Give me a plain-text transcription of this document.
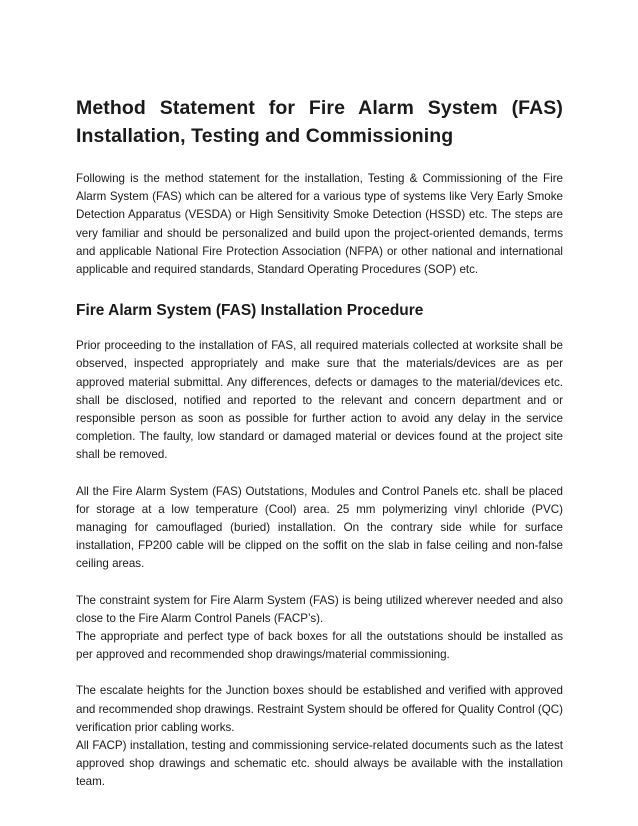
Method Statement for Fire Alarm System (FAS) Installation, Testing and Commissioning

Following is the method statement for the installation, Testing & Commissioning of the Fire Alarm System (FAS) which can be altered for a various type of systems like Very Early Smoke Detection Apparatus (VESDA) or High Sensitivity Smoke Detection (HSSD) etc. The steps are very familiar and should be personalized and build upon the project-oriented demands, terms and applicable National Fire Protection Association (NFPA) or other national and international applicable and required standards, Standard Operating Procedures (SOP) etc.

Fire Alarm System (FAS) Installation Procedure

Prior proceeding to the installation of FAS, all required materials collected at worksite shall be observed, inspected appropriately and make sure that the materials/devices are as per approved material submittal. Any differences, defects or damages to the material/devices etc. shall be disclosed, notified and reported to the relevant and concern department and or responsible person as soon as possible for further action to avoid any delay in the service completion. The faulty, low standard or damaged material or devices found at the project site shall be removed.

All the Fire Alarm System (FAS) Outstations, Modules and Control Panels etc. shall be placed for storage at a low temperature (Cool) area. 25 mm polymerizing vinyl chloride (PVC) managing for camouflaged (buried) installation. On the contrary side while for surface installation, FP200 cable will be clipped on the soffit on the slab in false ceiling and non-false ceiling areas.

The constraint system for Fire Alarm System (FAS) is being utilized wherever needed and also close to the Fire Alarm Control Panels (FACP’s).

The appropriate and perfect type of back boxes for all the outstations should be installed as per approved and recommended shop drawings/material commissioning.

The escalate heights for the Junction boxes should be established and verified with approved and recommended shop drawings. Restraint System should be offered for Quality Control (QC) verification prior cabling works.

All FACP) installation, testing and commissioning service-related documents such as the latest approved shop drawings and schematic etc. should always be available with the installation team.
